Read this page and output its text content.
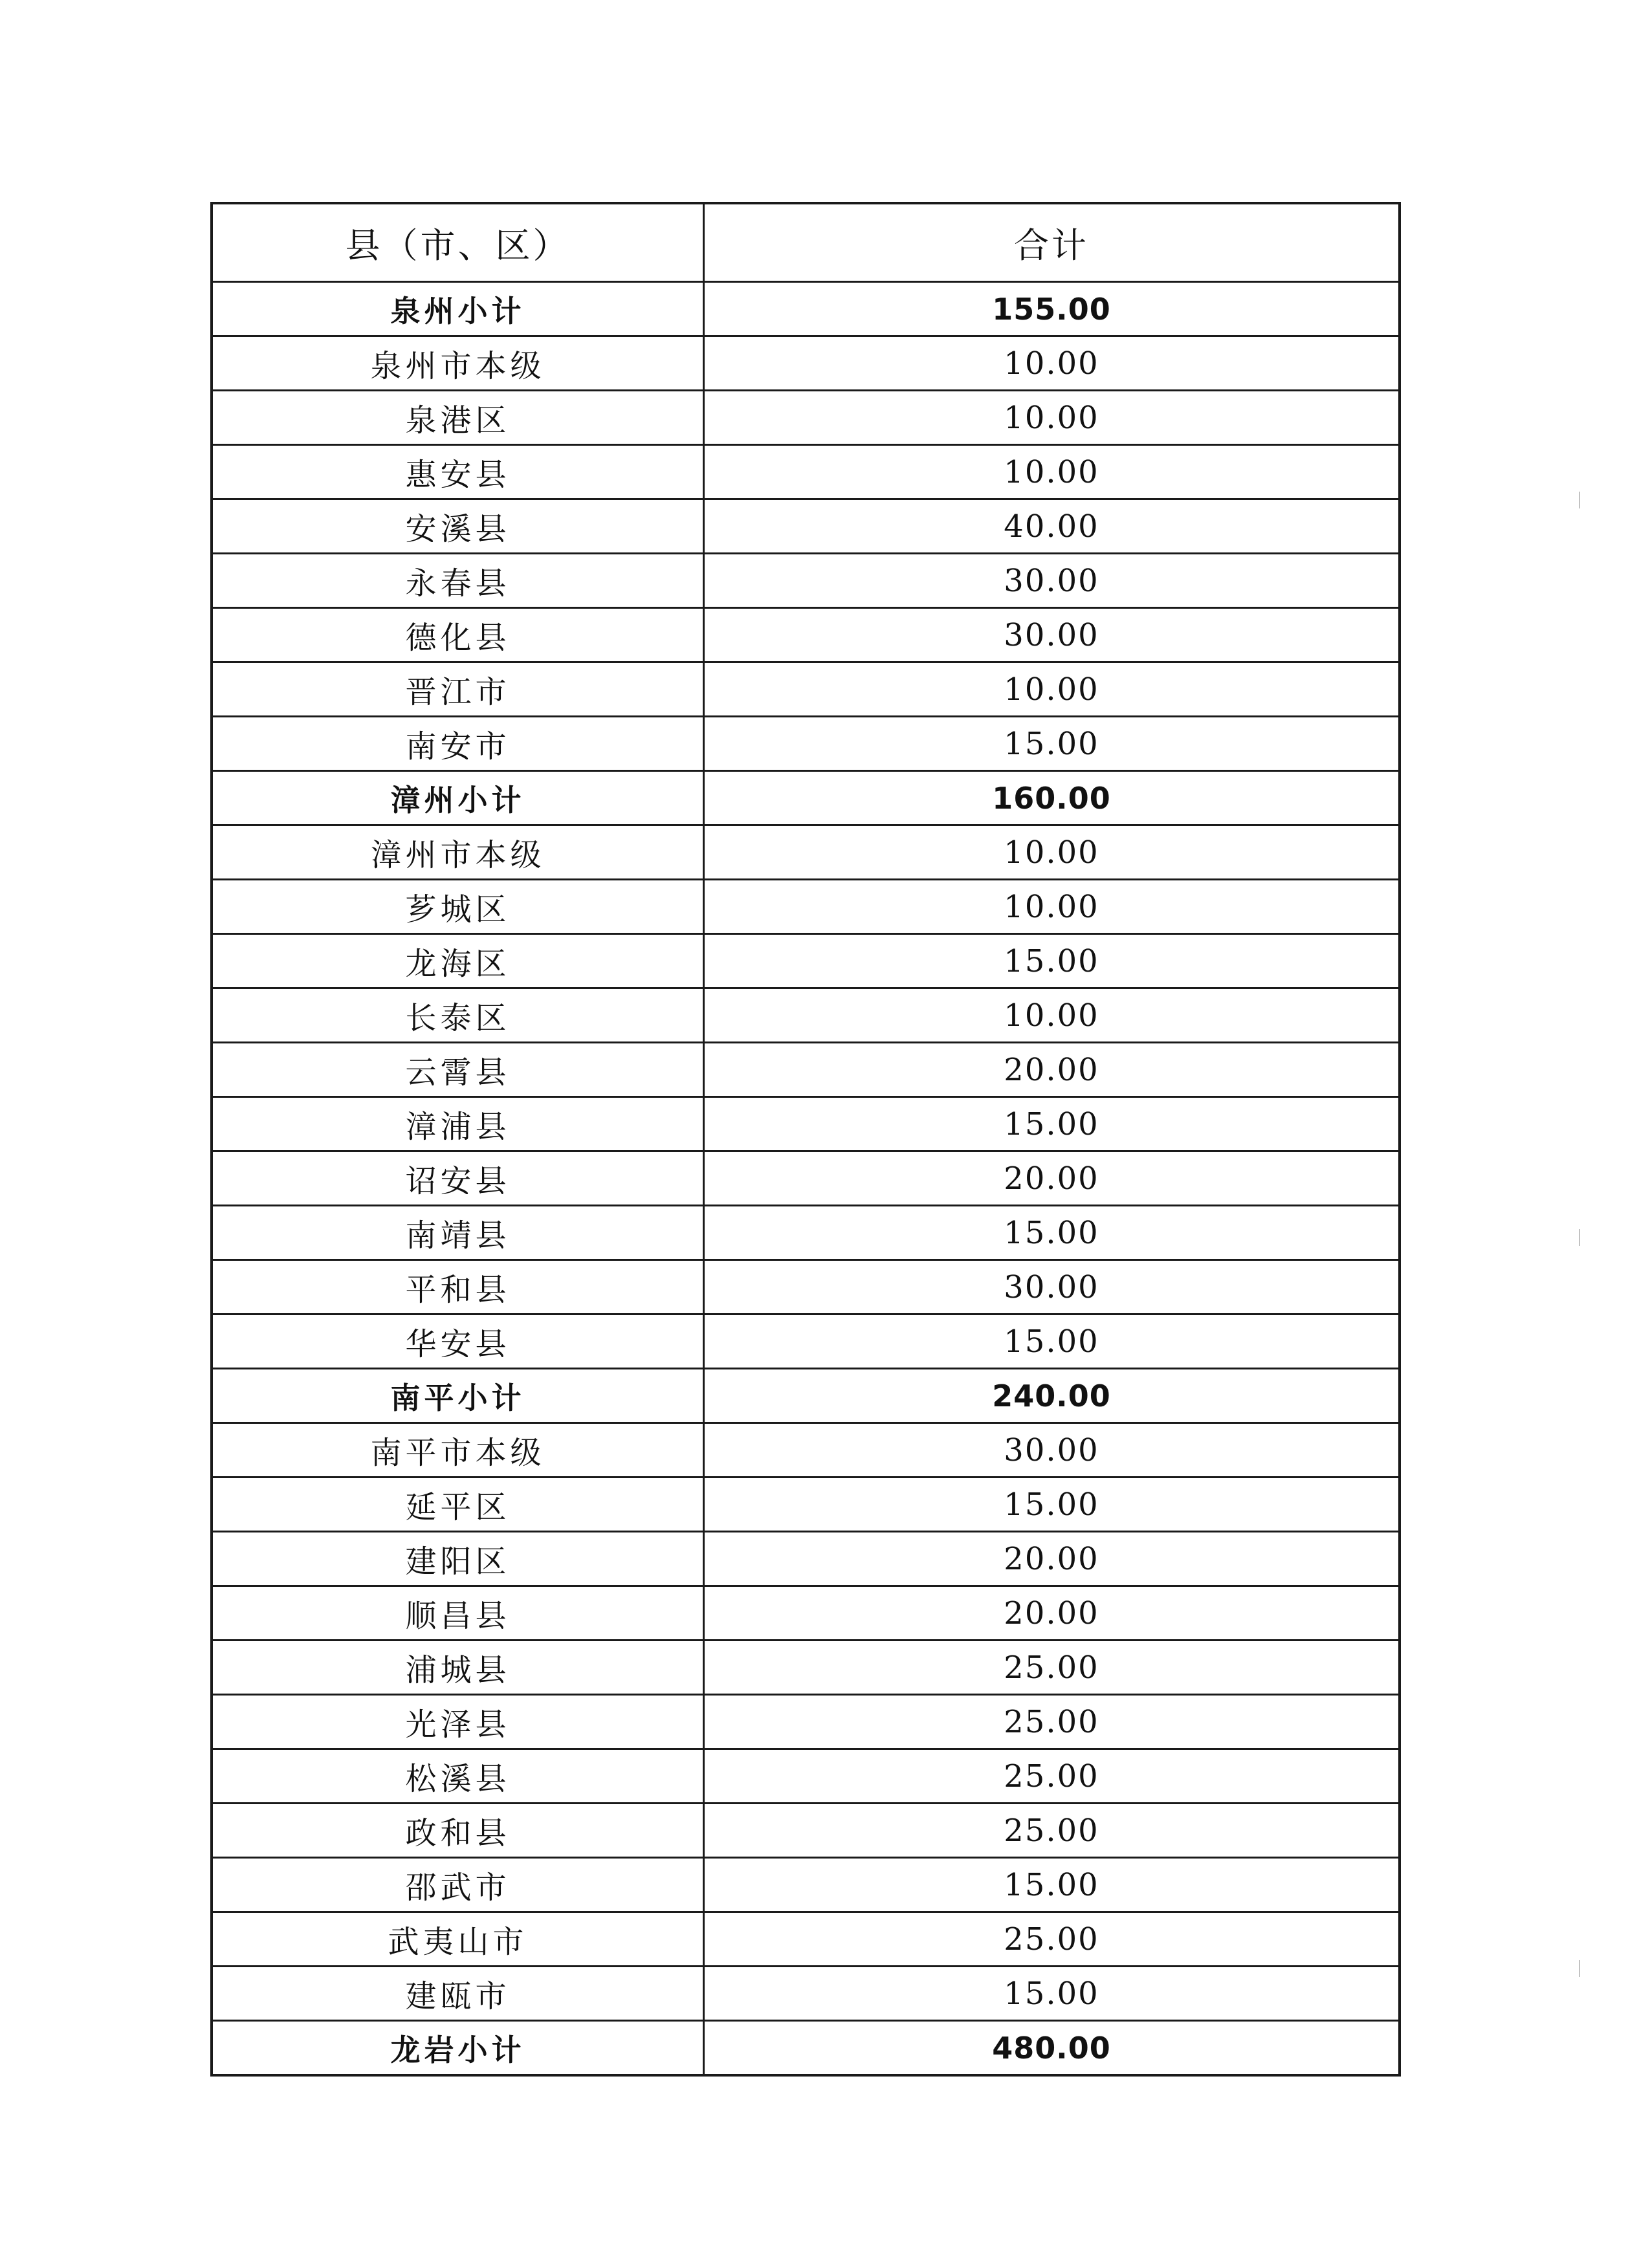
县（市、区）	合计
泉州小计	155.00
泉州市本级	10.00
泉港区	10.00
惠安县	10.00
安溪县	40.00
永春县	30.00
德化县	30.00
晋江市	10.00
南安市	15.00
漳州小计	160.00
漳州市本级	10.00
芗城区	10.00
龙海区	15.00
长泰区	10.00
云霄县	20.00
漳浦县	15.00
诏安县	20.00
南靖县	15.00
平和县	30.00
华安县	15.00
南平小计	240.00
南平市本级	30.00
延平区	15.00
建阳区	20.00
顺昌县	20.00
浦城县	25.00
光泽县	25.00
松溪县	25.00
政和县	25.00
邵武市	15.00
武夷山市	25.00
建瓯市	15.00
龙岩小计	480.00
